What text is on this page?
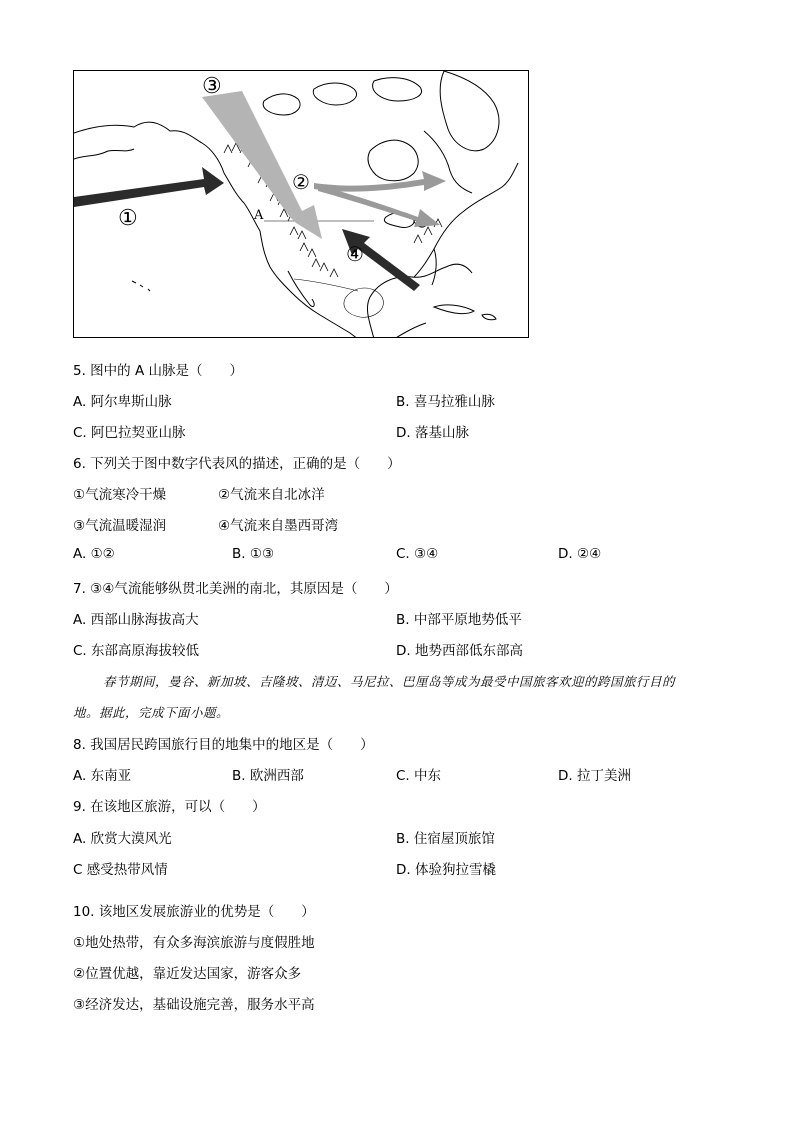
③
②
①
④
A
5. 图中的 A 山脉是（　　）
A. 阿尔卑斯山脉	B. 喜马拉雅山脉
C. 阿巴拉契亚山脉	D. 落基山脉
6. 下列关于图中数字代表风的描述，正确的是（　　）
①气流寒冷干燥	②气流来自北冰洋
③气流温暖湿润	④气流来自墨西哥湾
A. ①②	B. ①③	C. ③④	D. ②④
7. ③④气流能够纵贯北美洲的南北，其原因是（　　）
A. 西部山脉海拔高大	B. 中部平原地势低平
C. 东部高原海拔较低	D. 地势西部低东部高
春节期间，曼谷、新加坡、吉隆坡、清迈、马尼拉、巴厘岛等成为最受中国旅客欢迎的跨国旅行目的
地。据此，完成下面小题。
8. 我国居民跨国旅行目的地集中的地区是（　　）
A. 东南亚	B. 欧洲西部	C. 中东	D. 拉丁美洲
9. 在该地区旅游，可以（　　）
A. 欣赏大漠风光	B. 住宿屋顶旅馆
C 感受热带风情	D. 体验狗拉雪橇
10. 该地区发展旅游业的优势是（　　）
①地处热带，有众多海滨旅游与度假胜地
②位置优越，靠近发达国家，游客众多
③经济发达，基础设施完善，服务水平高
